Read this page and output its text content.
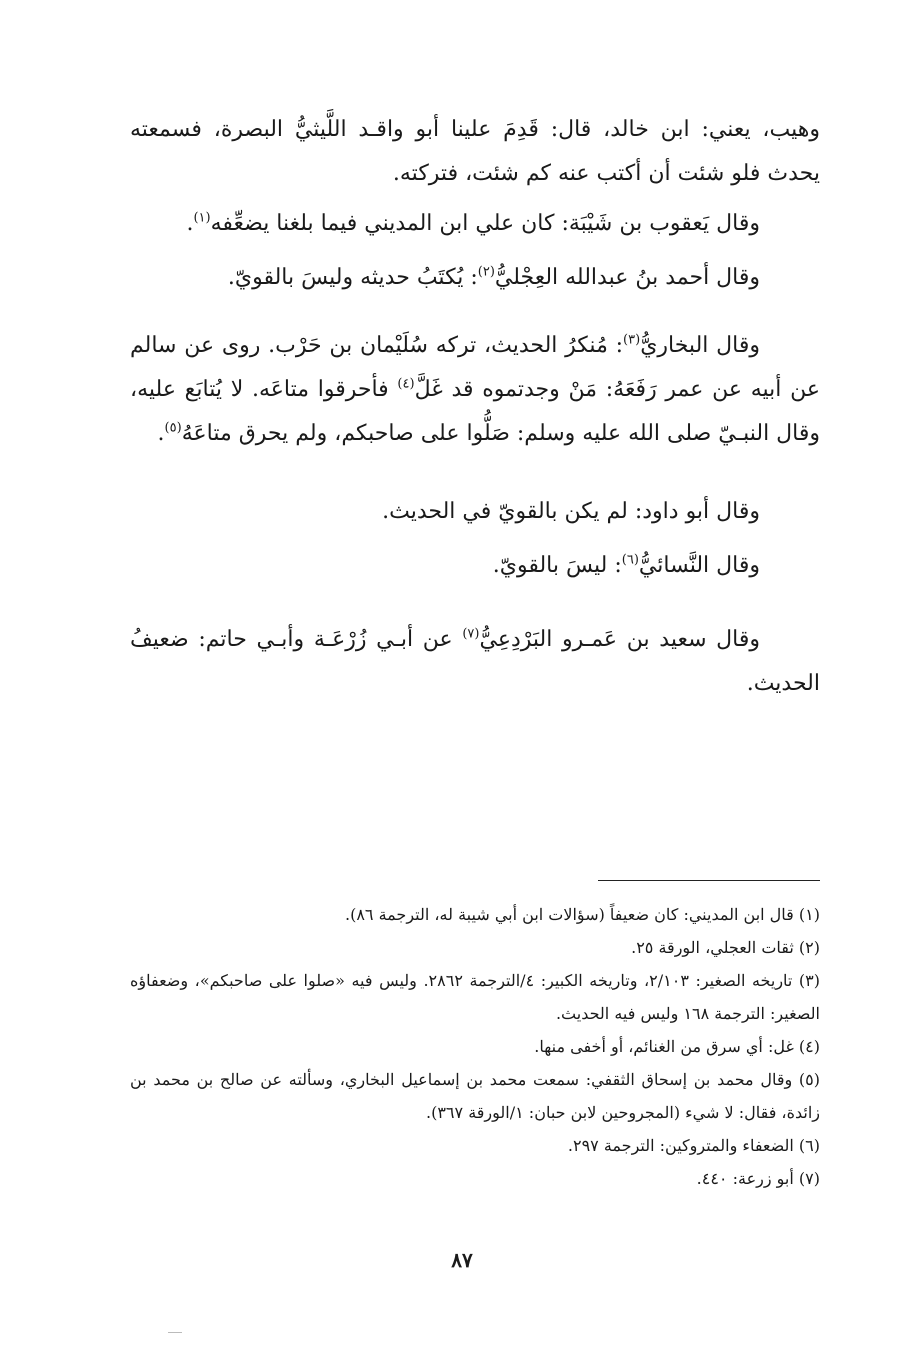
وهيب، يعني: ابن خالد، قال: قَدِمَ علينا أبو واقـد اللَّيثيُّ البصرة، فسمعته يحدث فلو شئت أن أكتب عنه كم شئت، فتركته.

وقال يَعقوب بن شَيْبَة: كان علي ابن المديني فيما بلغنا يضعِّفه$^{(١)}$.

وقال أحمد بنُ عبدالله العِجْليُّ$^{(٢)}$: يُكتَبُ حديثه وليسَ بالقويّ.

وقال البخاريُّ$^{(٣)}$: مُنكرُ الحديث، تركه سُلَيْمان بن حَرْب. روى عن سالم عن أبيه عن عمر رَفَعَهُ: مَنْ وجدتموه قد غَلَّ$^{(٤)}$ فأحرقوا متاعَه. لا يُتابَع عليه، وقال النبـيّ صلى الله عليه وسلم: صَلُّوا على صاحبكم، ولم يحرق متاعَهُ$^{(٥)}$.

وقال أبو داود: لم يكن بالقويّ في الحديث.

وقال النَّسائيُّ$^{(٦)}$: ليسَ بالقويّ.

وقال سعيد بن عَمـرو البَرْدِعِيُّ$^{(٧)}$ عن أبـي زُرْعَـة وأبـي حاتم: ضعيفُ الحديث.

(١) قال ابن المديني: كان ضعيفاً (سؤالات ابن أبي شيبة له، الترجمة ٨٦).

(٢) ثقات العجلي، الورقة ٢٥.

(٣) تاريخه الصغير: ٢/١٠٣، وتاريخه الكبير: ٤/الترجمة ٢٨٦٢. وليس فيه «صلوا على صاحبكم»، وضعفاؤه الصغير: الترجمة ١٦٨ وليس فيه الحديث.

(٤) غل: أي سرق من الغنائم، أو أخفى منها.

(٥) وقال محمد بن إسحاق الثقفي: سمعت محمد بن إسماعيل البخاري، وسألته عن صالح بن محمد بن زائدة، فقال: لا شيء (المجروحين لابن حبان: ١/الورقة ٣٦٧).

(٦) الضعفاء والمتروكين: الترجمة ٢٩٧.

(٧) أبو زرعة: ٤٤٠.

٨٧
